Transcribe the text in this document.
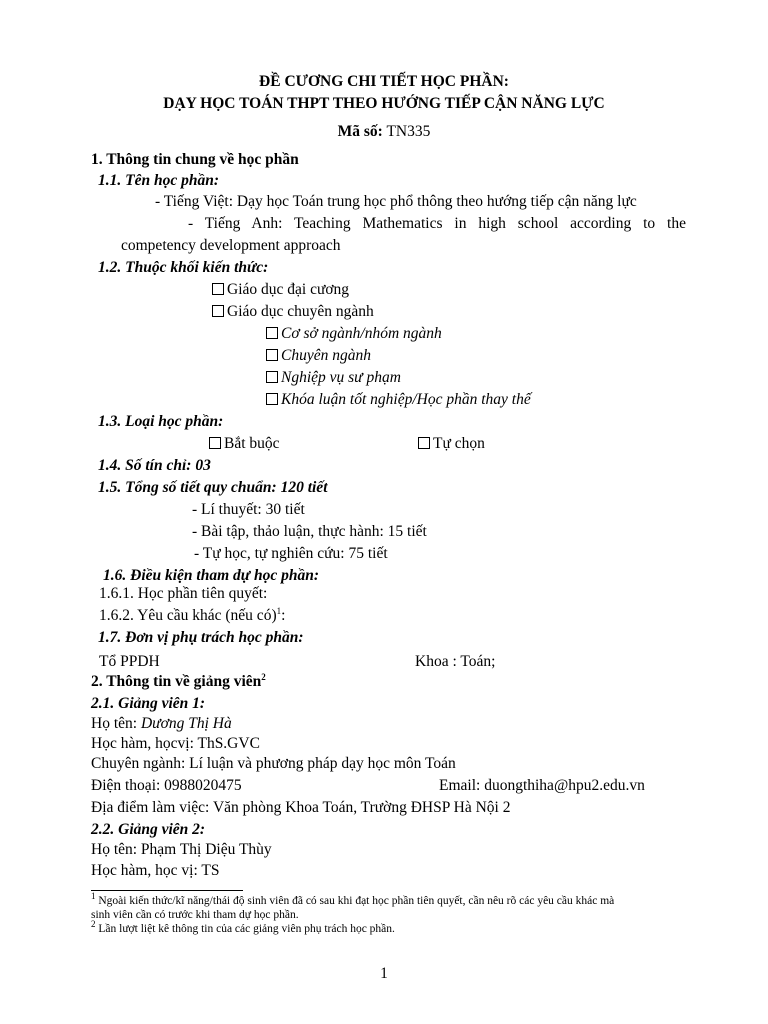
ĐỀ CƯƠNG CHI TIẾT HỌC PHẦN:
DẠY HỌC TOÁN THPT THEO HƯỚNG TIẾP CẬN NĂNG LỰC
Mã số: TN335
1. Thông tin chung về học phần
1.1. Tên học phần:
- Tiếng Việt: Dạy học Toán trung học phổ thông theo hướng tiếp cận năng lực
- Tiếng Anh: Teaching Mathematics in high school according to the
competency development approach
1.2. Thuộc khối kiến thức:
Giáo dục đại cương
Giáo dục chuyên ngành
Cơ sở ngành/nhóm ngành
Chuyên ngành
Nghiệp vụ sư phạm
Khóa luận tốt nghiệp/Học phần thay thế
1.3. Loại học phần:
Bắt buộc	Tự chọn
1.4. Số tín chỉ: 03
1.5. Tổng số tiết quy chuẩn: 120 tiết
- Lí thuyết: 30 tiết
- Bài tập, thảo luận, thực hành: 15 tiết
- Tự học, tự nghiên cứu: 75 tiết
1.6. Điều kiện tham dự học phần:
1.6.1. Học phần tiên quyết:
1.6.2. Yêu cầu khác (nếu có)$^1$:
1.7. Đơn vị phụ trách học phần:
Tổ PPDH	Khoa : Toán;
2. Thông tin về giảng viên$^2$
2.1. Giảng viên 1:
Họ tên: Dương Thị Hà
Học hàm, họcvị: ThS.GVC
Chuyên ngành: Lí luận và phương pháp dạy học môn Toán
Điện thoại: 0988020475	Email: duongthiha@hpu2.edu.vn
Địa điểm làm việc: Văn phòng Khoa Toán, Trường ĐHSP Hà Nội 2
2.2. Giảng viên 2:
Họ tên: Phạm Thị Diệu Thùy
Học hàm, học vị: TS
$^1$ Ngoài kiến thức/kĩ năng/thái độ sinh viên đã có sau khi đạt học phần tiên quyết, cần nêu rõ các yêu cầu khác mà
sinh viên cần có trước khi tham dự học phần.
$^2$ Lần lượt liệt kê thông tin của các giảng viên phụ trách học phần.
1
